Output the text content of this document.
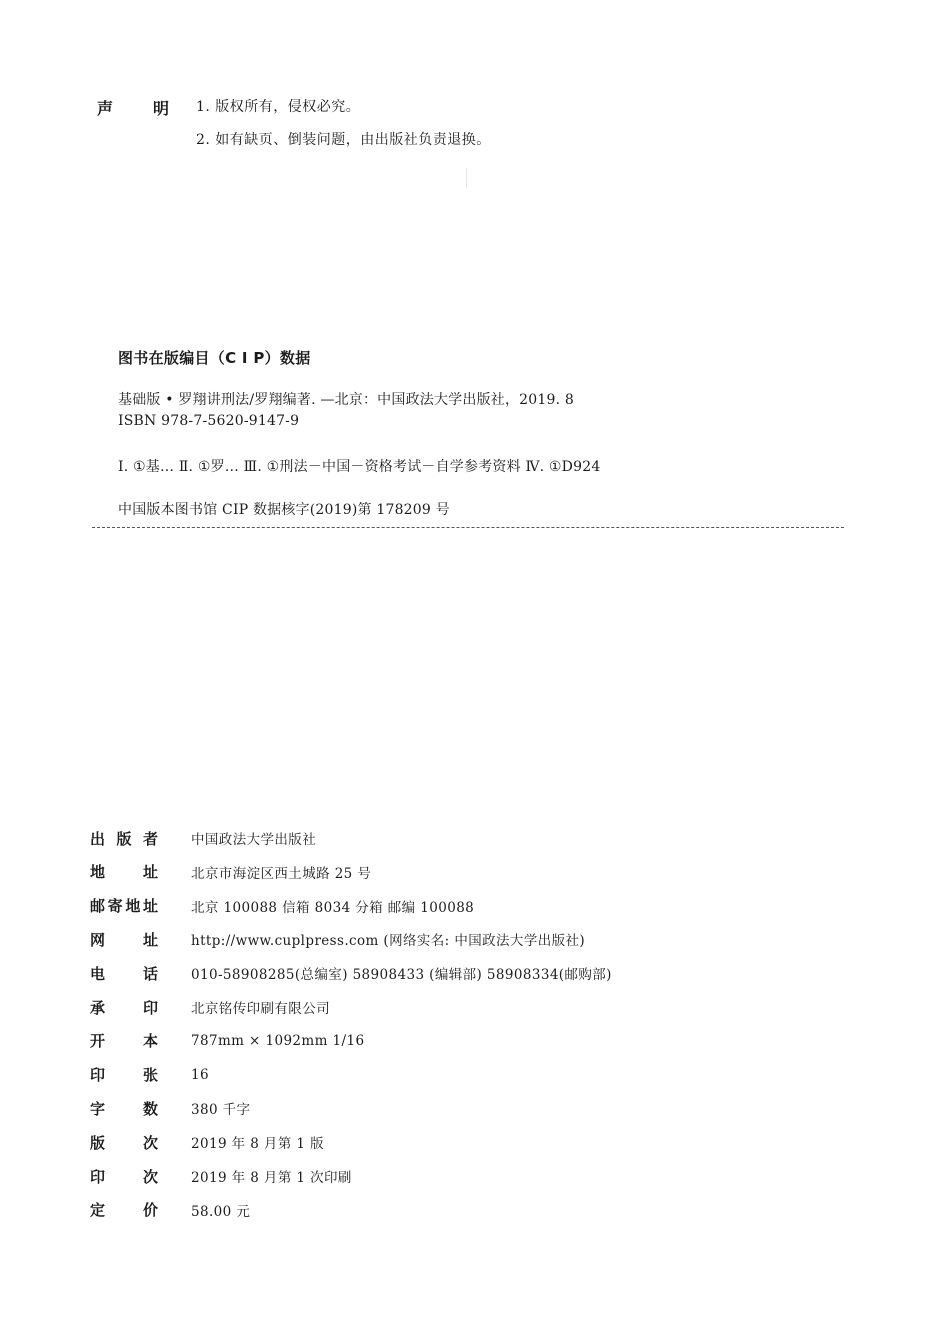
声 明 1. 版权所有，侵权必究。
2. 如有缺页、倒装问题，由出版社负责退换。
图书在版编目（C I P）数据
基础版 • 罗翔讲刑法/罗翔编著. —北京：中国政法大学出版社，2019. 8
ISBN 978-7-5620-9147-9
Ⅰ. ①基… Ⅱ. ①罗… Ⅲ. ①刑法－中国－资格考试－自学参考资料 Ⅳ. ①D924
中国版本图书馆 CIP 数据核字(2019)第 178209 号
出 版 者 中国政法大学出版社
地	址 北京市海淀区西土城路 25 号
邮 寄 地 址 北京 100088 信箱 8034 分箱 邮编 100088
网	址 http://www.cuplpress.com (网络实名: 中国政法大学出版社)
电	话 010-58908285(总编室) 58908433 (编辑部) 58908334(邮购部)
承	印 北京铭传印刷有限公司
开	本 787mm × 1092mm 1/16
印	张 16
字	数 380 千字
版	次 2019 年 8 月第 1 版
印	次 2019 年 8 月第 1 次印刷
定	价 58.00 元
